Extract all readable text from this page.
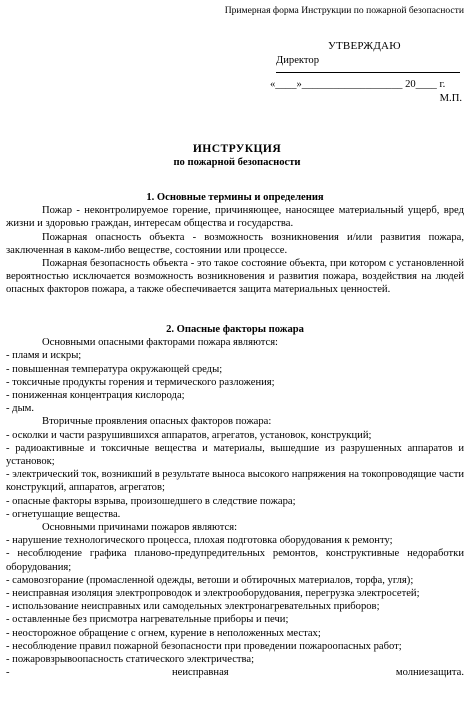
Примерная форма Инструкции по пожарной безопасности
УТВЕРЖДАЮ
Директор
«____»___________________ 20____ г.
М.П.
ИНСТРУКЦИЯ
по пожарной безопасности
1. Основные термины и определения

Пожар - неконтролируемое горение, причиняющее, наносящее материальный ущерб, вред жизни и здоровью граждан, интересам общества и государства.

Пожарная опасность объекта - возможность возникновения и/или развития пожара, заключенная в каком-либо веществе, состоянии или процессе.

Пожарная безопасность объекта - это такое состояние объекта, при котором с установленной вероятностью исключается возможность возникновения и развития пожара, воздействия на людей опасных факторов пожара, а также обеспечивается защита материальных ценностей.

2. Опасные факторы пожара

Основными опасными факторами пожара являются:

- пламя и искры;

- повышенная температура окружающей среды;

- токсичные продукты горения и термического разложения;

- пониженная концентрация кислорода;

- дым.

Вторичные проявления опасных факторов пожара:

- осколки и части разрушившихся аппаратов, агрегатов, установок, конструкций;

- радиоактивные и токсичные вещества и материалы, вышедшие из разрушенных аппаратов и установок;

- электрический ток, возникший в результате выноса высокого напряжения на токопроводящие части конструкций, аппаратов, агрегатов;

- опасные факторы взрыва, произошедшего в следствие пожара;

- огнетушащие вещества.

Основными причинами пожаров являются:

- нарушение технологического процесса, плохая подготовка оборудования к ремонту;

- несоблюдение графика планово-предупредительных ремонтов, конструктивные недоработки оборудования;

- самовозгорание (промасленной одежды, ветоши и обтирочных материалов, торфа, угля);

- неисправная изоляция электропроводок и электрооборудования, перегрузка электросетей;

- использование неисправных или самодельных электронагревательных приборов;

- оставленные без присмотра нагревательные приборы и печи;

- неосторожное обращение с огнем, курение в неположенных местах;

- несоблюдение правил пожарной безопасности при проведении пожароопасных работ;

- пожаровзрывоопасность статического электричества;

-	неисправная	молниезащита.
